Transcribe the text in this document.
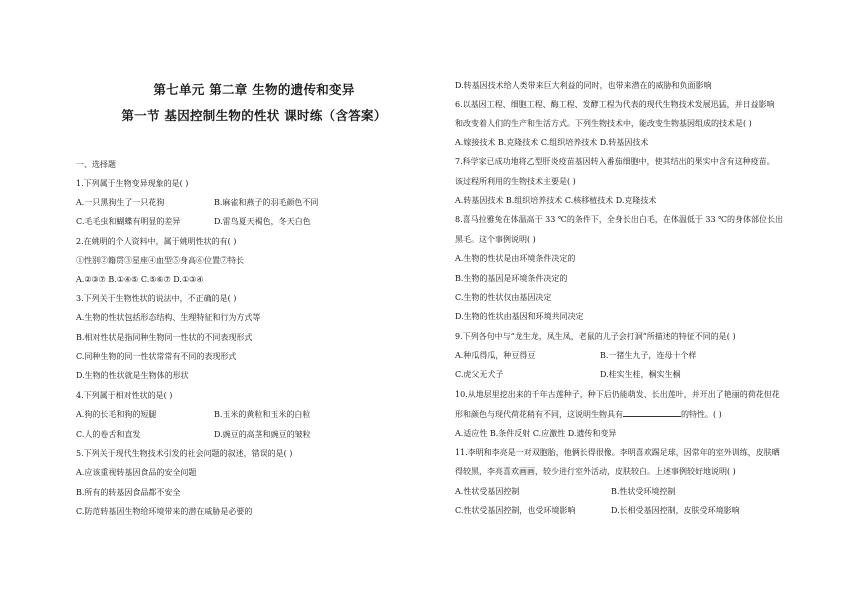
第七单元 第二章 生物的遗传和变异
第一节 基因控制生物的性状 课时练（含答案）
一、选择题
1.下列属于生物变异现象的是( )
A.一只黑狗生了一只花狗	B.麻雀和燕子的羽毛颜色不同
C.毛毛虫和蝴蝶有明显的差异	D.雷鸟夏天褐色，冬天白色
2.在姚明的个人资料中，属于姚明性状的有( )
①性别②籍贯③星座④血型⑤身高⑥位置⑦特长
A.②③⑦ B.①④⑤ C.⑤⑥⑦ D.①③④
3.下列关于生物性状的说法中，不正确的是( )
A.生物的性状包括形态结构、生理特征和行为方式等
B.相对性状是指同种生物同一性状的不同表现形式
C.同种生物的同一性状常常有不同的表现形式
D.生物的性状就是生物体的形状
4.下列属于相对性状的是( )
A.狗的长毛和狗的短腿	B.玉米的黄粒和玉米的白粒
C.人的卷舌和直发	D.豌豆的高茎和豌豆的皱粒
5.下列关于现代生物技术引发的社会问题的叙述，错误的是( )
A.应该重视转基因食品的安全问题
B.所有的转基因食品都不安全
C.防范转基因生物给环境带来的潜在威胁是必要的
D.转基因技术给人类带来巨大利益的同时，也带来潜在的威胁和负面影响
6.以基因工程、细胞工程、酶工程、发酵工程为代表的现代生物技术发展迅猛，并日益影响
和改变着人们的生产和生活方式。下列生物技术中，能改变生物基因组成的技术是( )
A.嫁接技术 B.克隆技术 C.组织培养技术 D.转基因技术
7.科学家已成功地将乙型肝炎疫苗基因转入番茄细胞中，使其结出的果实中含有这种疫苗。
该过程所利用的生物技术主要是( )
A.转基因技术 B.组织培养技术 C.核移植技术 D.克隆技术
8.喜马拉雅兔在体温高于 33 ℃的条件下，全身长出白毛，在体温低于 33 ℃的身体部位长出
黑毛。这个事例说明( )
A.生物的性状是由环境条件决定的
B.生物的基因是环境条件决定的
C.生物的性状仅由基因决定
D.生物的性状由基因和环境共同决定
9.下列各句中与“龙生龙，凤生凤，老鼠的儿子会打洞”所描述的特征不同的是( )
A.种瓜得瓜，种豆得豆	B.一猪生九子，连母十个样
C.虎父无犬子	D.桂实生桂，桐实生桐
10.从地层里挖出来的千年古莲种子，种下后仍能萌发、长出莲叶，并开出了艳丽的荷花但花
形和颜色与现代荷花稍有不同，这说明生物具有	的特性。( )
A.适应性 B.条件反射 C.应激性 D.遗传和变异
11.李明和李亮是一对双胞胎，他俩长得很像。李明喜欢踢足球，因常年的室外训练，皮肤晒
得较黑，李亮喜欢画画，较少进行室外活动，皮肤较白。上述事例较好地说明( )
A.性状受基因控制	B.性状受环境控制
C.性状受基因控制，也受环境影响	D.长相受基因控制，皮肤受环境影响
